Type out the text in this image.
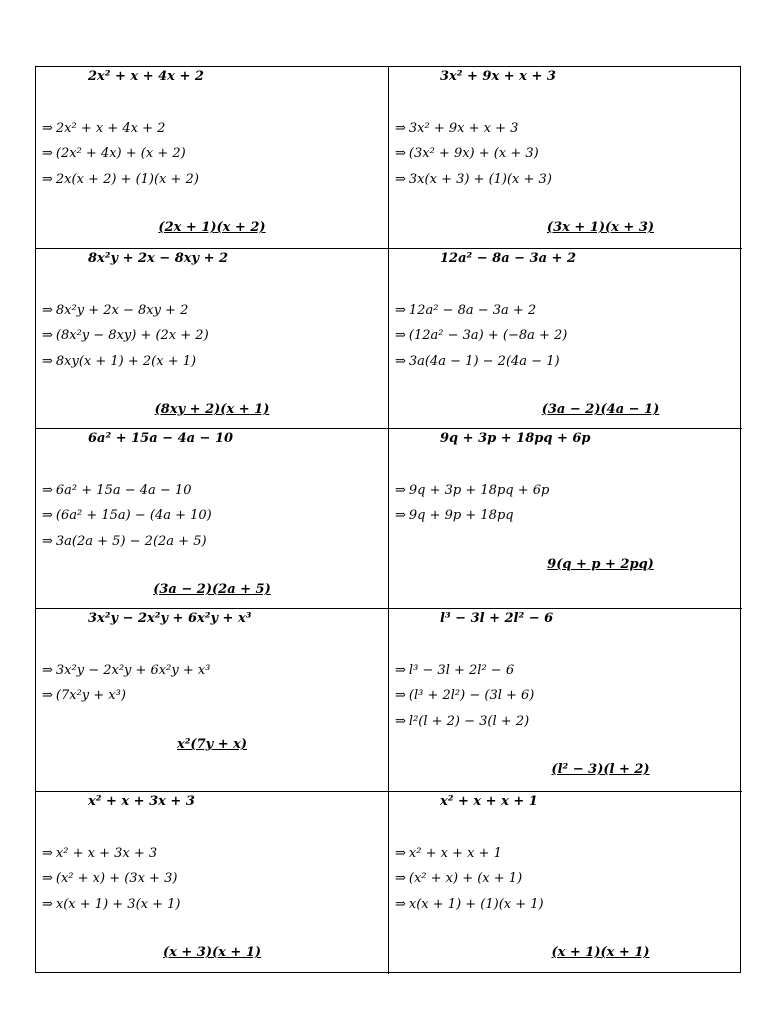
2x² + x + 4x + 2
⇒ 2x² + x + 4x + 2
⇒ (2x² + 4x) + (x + 2)
⇒ 2x(x + 2) + (1)(x + 2)
(2x + 1)(x + 2)
3x² + 9x + x + 3
⇒ 3x² + 9x + x + 3
⇒ (3x² + 9x) + (x + 3)
⇒ 3x(x + 3) + (1)(x + 3)
(3x + 1)(x + 3)
8x²y + 2x − 8xy + 2
⇒ 8x²y + 2x − 8xy + 2
⇒ (8x²y − 8xy) + (2x + 2)
⇒ 8xy(x + 1) + 2(x + 1)
(8xy + 2)(x + 1)
12a² − 8a − 3a + 2
⇒ 12a² − 8a − 3a + 2
⇒ (12a² − 3a) + (−8a + 2)
⇒ 3a(4a − 1) − 2(4a − 1)
(3a − 2)(4a − 1)
6a² + 15a − 4a − 10
⇒ 6a² + 15a − 4a − 10
⇒ (6a² + 15a) − (4a + 10)
⇒ 3a(2a + 5) − 2(2a + 5)
(3a − 2)(2a + 5)
9q + 3p + 18pq + 6p
⇒ 9q + 3p + 18pq + 6p
⇒ 9q + 9p + 18pq
9(q + p + 2pq)
3x²y − 2x²y + 6x²y + x³
⇒ 3x²y − 2x²y + 6x²y + x³
⇒ (7x²y + x³)
x²(7y + x)
l³ − 3l + 2l² − 6
⇒ l³ − 3l + 2l² − 6
⇒ (l³ + 2l²) − (3l + 6)
⇒ l²(l + 2) − 3(l + 2)
(l² − 3)(l + 2)
x² + x + 3x + 3
⇒ x² + x + 3x + 3
⇒ (x² + x) + (3x + 3)
⇒ x(x + 1) + 3(x + 1)
(x + 3)(x + 1)
x² + x + x + 1
⇒ x² + x + x + 1
⇒ (x² + x) + (x + 1)
⇒ x(x + 1) + (1)(x + 1)
(x + 1)(x + 1)
